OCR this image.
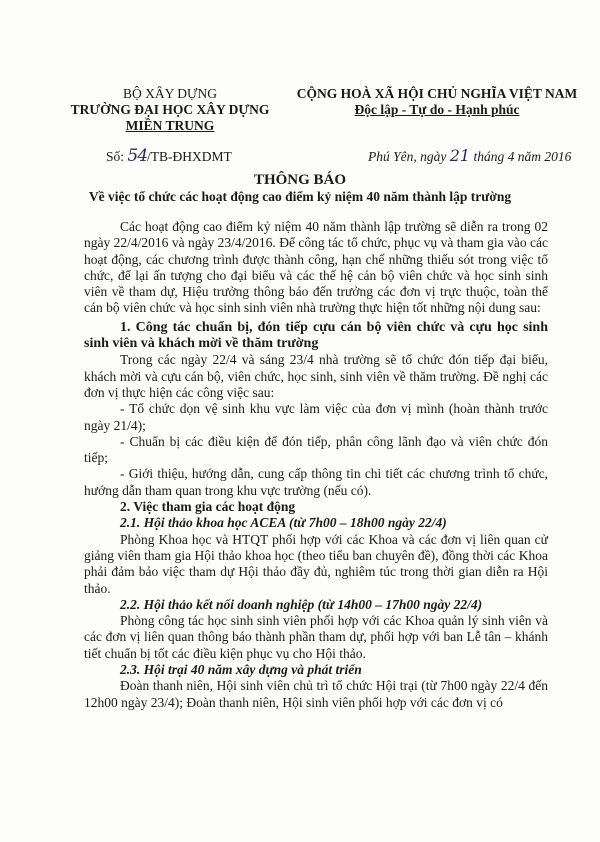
BỘ XÂY DỰNG
TRƯỜNG ĐẠI HỌC XÂY DỰNG
MIỀN TRUNG
CỘNG HOÀ XÃ HỘI CHỦ NGHĨA VIỆT NAM
Độc lập - Tự do - Hạnh phúc
Số: 54/TB-ĐHXDMT	Phú Yên, ngày 21 tháng 4 năm 2016
THÔNG BÁO
Về việc tổ chức các hoạt động cao điểm kỷ niệm 40 năm thành lập trường

Các hoạt động cao điểm kỷ niệm 40 năm thành lập trường sẽ diễn ra trong 02 ngày 22/4/2016 và ngày 23/4/2016. Để công tác tổ chức, phục vụ và tham gia vào các hoạt động, các chương trình được thành công, hạn chế những thiếu sót trong việc tổ chức, để lại ấn tượng cho đại biểu và các thế hệ cán bộ viên chức và học sinh sinh viên về tham dự, Hiệu trưởng thông báo đến trưởng các đơn vị trực thuộc, toàn thể cán bộ viên chức và học sinh sinh viên nhà trường thực hiện tốt những nội dung sau:

1. Công tác chuẩn bị, đón tiếp cựu cán bộ viên chức và cựu học sinh sinh viên và khách mời về thăm trường

Trong các ngày 22/4 và sáng 23/4 nhà trường sẽ tổ chức đón tiếp đại biểu, khách mời và cựu cán bộ, viên chức, học sinh, sinh viên về thăm trường. Đề nghị các đơn vị thực hiện các công việc sau:

- Tổ chức dọn vệ sinh khu vực làm việc của đơn vị mình (hoàn thành trước ngày 21/4);

- Chuẩn bị các điều kiện để đón tiếp, phân công lãnh đạo và viên chức đón tiếp;

- Giới thiệu, hướng dẫn, cung cấp thông tin chi tiết các chương trình tổ chức, hướng dẫn tham quan trong khu vực trường (nếu có).

2. Việc tham gia các hoạt động

2.1. Hội thảo khoa học ACEA (từ 7h00 – 18h00 ngày 22/4)

Phòng Khoa học và HTQT phối hợp với các Khoa và các đơn vị liên quan cử giảng viên tham gia Hội thảo khoa học (theo tiểu ban chuyên đề), đồng thời các Khoa phải đảm bảo việc tham dự Hội thảo đầy đủ, nghiêm túc trong thời gian diễn ra Hội thảo.

2.2. Hội thảo kết nối doanh nghiệp (từ 14h00 – 17h00 ngày 22/4)

Phòng công tác học sinh sinh viên phối hợp với các Khoa quản lý sinh viên và các đơn vị liên quan thông báo thành phần tham dự, phối hợp với ban Lễ tân – khánh tiết chuẩn bị tốt các điều kiện phục vụ cho Hội thảo.

2.3. Hội trại 40 năm xây dựng và phát triển

Đoàn thanh niên, Hội sinh viên chủ trì tổ chức Hội trại (từ 7h00 ngày 22/4 đến 12h00 ngày 23/4); Đoàn thanh niên, Hội sinh viên phối hợp với các đơn vị có
